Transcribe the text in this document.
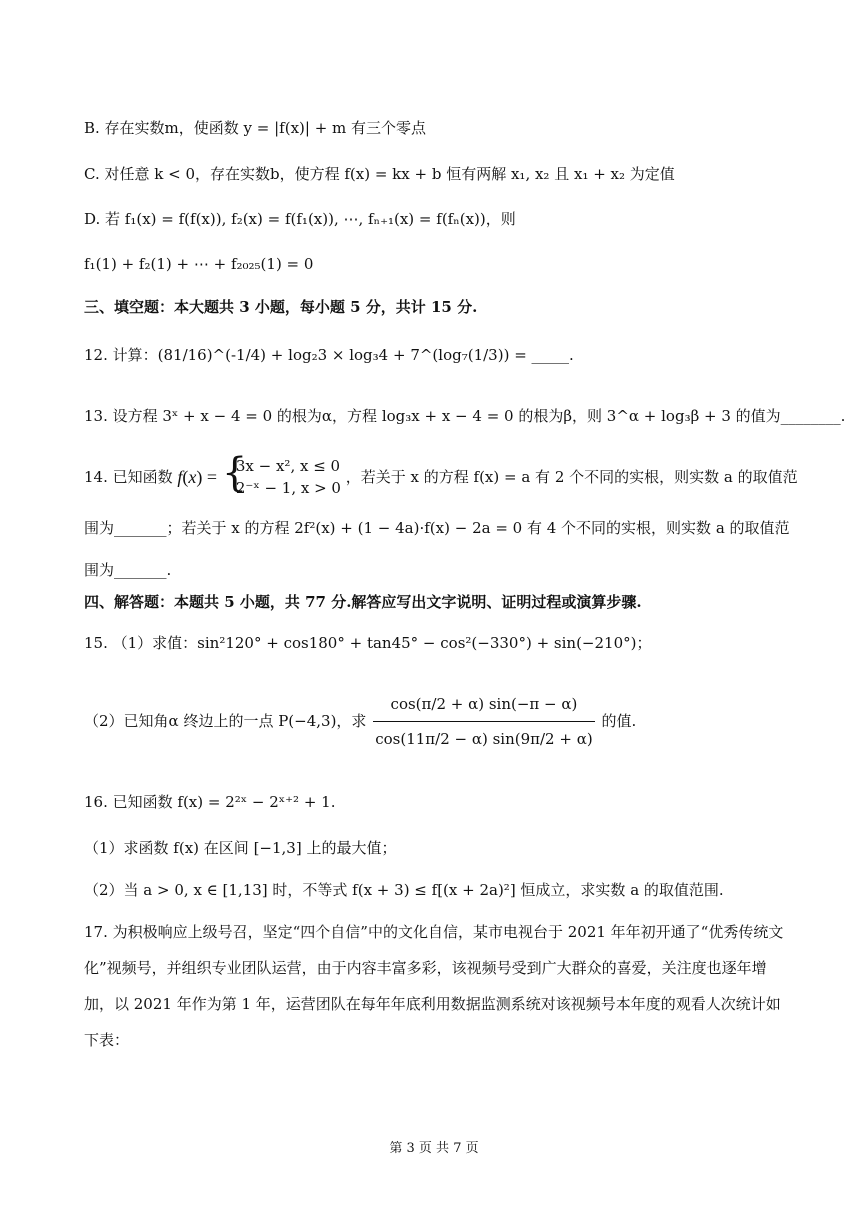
B. 存在实数m，使函数 y = |f(x)| + m 有三个零点
C. 对任意 k < 0，存在实数b，使方程 f(x) = kx + b 恒有两解 x₁, x₂ 且 x₁ + x₂ 为定值
D. 若 f₁(x) = f(f(x)), f₂(x) = f(f₁(x)), ⋯, fₙ₊₁(x) = f(fₙ(x))，则
f₁(1) + f₂(1) + ⋯ + f₂₀₂₅(1) = 0
三、填空题：本大题共 3 小题，每小题 5 分，共计 15 分.
12. 计算：(81/16)^(-1/4) + log₂3 × log₃4 + 7^(log₇(1/3)) = _____.
13. 设方程 3ˣ + x − 4 = 0 的根为α，方程 log₃x + x − 4 = 0 的根为β，则 3^α + log₃β + 3 的值为________.
14. 已知函数 f(x) = {
3x − x², x ≤ 0
2⁻ˣ − 1, x > 0
，若关于 x 的方程 f(x) = a 有 2 个不同的实根，则实数 a 的取值范
围为_______；若关于 x 的方程 2f²(x) + (1 − 4a)·f(x) − 2a = 0 有 4 个不同的实根，则实数 a 的取值范
围为_______.
四、解答题：本题共 5 小题，共 77 分.解答应写出文字说明、证明过程或演算步骤.
15. （1）求值：sin²120° + cos180° + tan45° − cos²(−330°) + sin(−210°)；
（2）已知角α 终边上的一点 P(−4,3)，求 $\frac{\cos(\pi/2 + \alpha) \sin(-\pi - \alpha)}{\cos(11\pi/2 - \alpha) \sin(9\pi/2 + \alpha)}$ 的值.
16. 已知函数 f(x) = 2²ˣ − 2ˣ⁺² + 1.
（1）求函数 f(x) 在区间 [−1,3] 上的最大值；
（2）当 a > 0, x ∈ [1,13] 时，不等式 f(x + 3) ≤ f[(x + 2a)²] 恒成立，求实数 a 的取值范围.
17. 为积极响应上级号召，坚定“四个自信”中的文化自信，某市电视台于 2021 年年初开通了“优秀传统文
化”视频号，并组织专业团队运营，由于内容丰富多彩，该视频号受到广大群众的喜爱，关注度也逐年增
加，以 2021 年作为第 1 年，运营团队在每年年底利用数据监测系统对该视频号本年度的观看人次统计如
下表：
第 3 页 共 7 页
